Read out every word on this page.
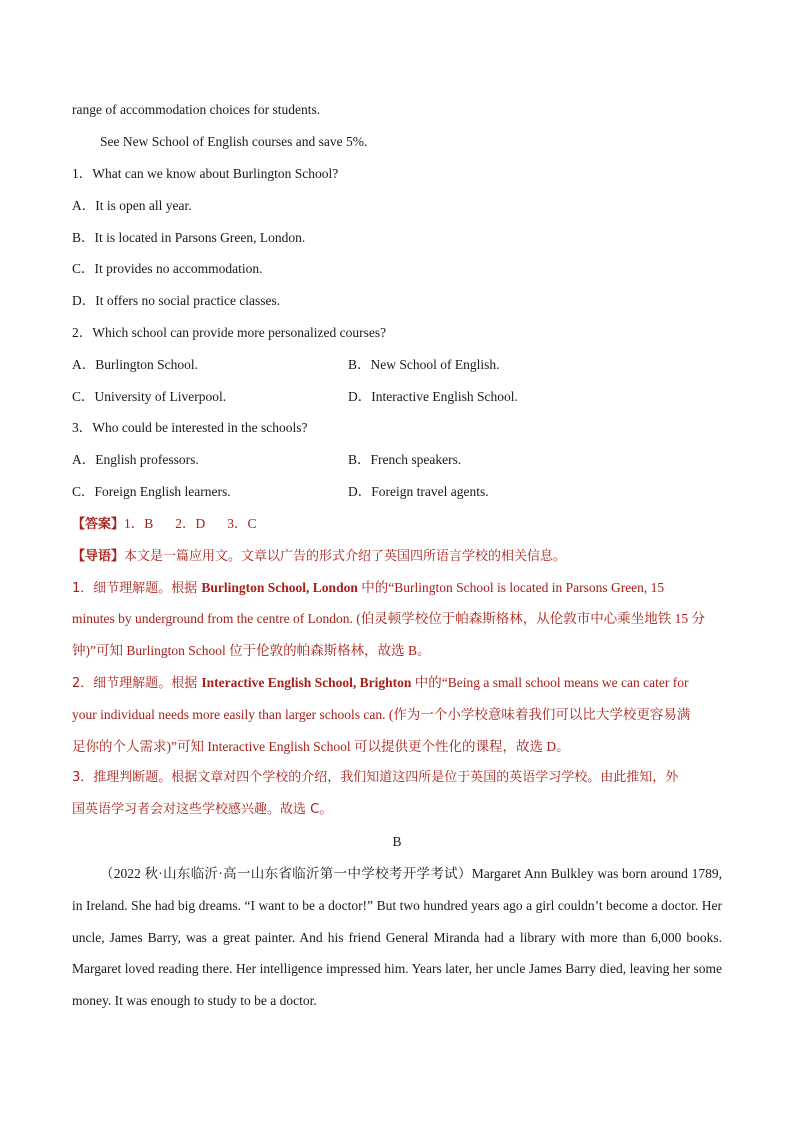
range of accommodation choices for students.
See New School of English courses and save 5%.
1．What can we know about Burlington School?
A．It is open all year.
B．It is located in Parsons Green, London.
C．It provides no accommodation.
D．It offers no social practice classes.
2．Which school can provide more personalized courses?
A．Burlington School.	B．New School of English.
C．University of Liverpool.	D．Interactive English School.
3．Who could be interested in the schools?
A．English professors.	B．French speakers.
C．Foreign English learners.	D．Foreign travel agents.
【答案】1．B 2．D 3．C
【导语】本文是一篇应用文。文章以广告的形式介绍了英国四所语言学校的相关信息。
1．细节理解题。根据 Burlington School, London 中的“Burlington School is located in Parsons Green, 15
minutes by underground from the centre of London. (伯灵顿学校位于帕森斯格林，从伦敦市中心乘坐地铁 15 分
钟)”可知 Burlington School 位于伦敦的帕森斯格林，故选 B。
2．细节理解题。根据 Interactive English School, Brighton 中的“Being a small school means we can cater for
your individual needs more easily than larger schools can. (作为一个小学校意味着我们可以比大学校更容易满
足你的个人需求)”可知 Interactive English School 可以提供更个性化的课程，故选 D。
3．推理判断题。根据文章对四个学校的介绍，我们知道这四所是位于英国的英语学习学校。由此推知，外
国英语学习者会对这些学校感兴趣。故选 C。
B
（2022 秋·山东临沂·高一山东省临沂第一中学校考开学考试）Margaret Ann Bulkley was born around 1789, in Ireland. She had big dreams. “I want to be a doctor!” But two hundred years ago a girl couldn’t become a doctor. Her uncle, James Barry, was a great painter. And his friend General Miranda had a library with more than 6,000 books. Margaret loved reading there. Her intelligence impressed him. Years later, her uncle James Barry died, leaving her some money. It was enough to study to be a doctor.
